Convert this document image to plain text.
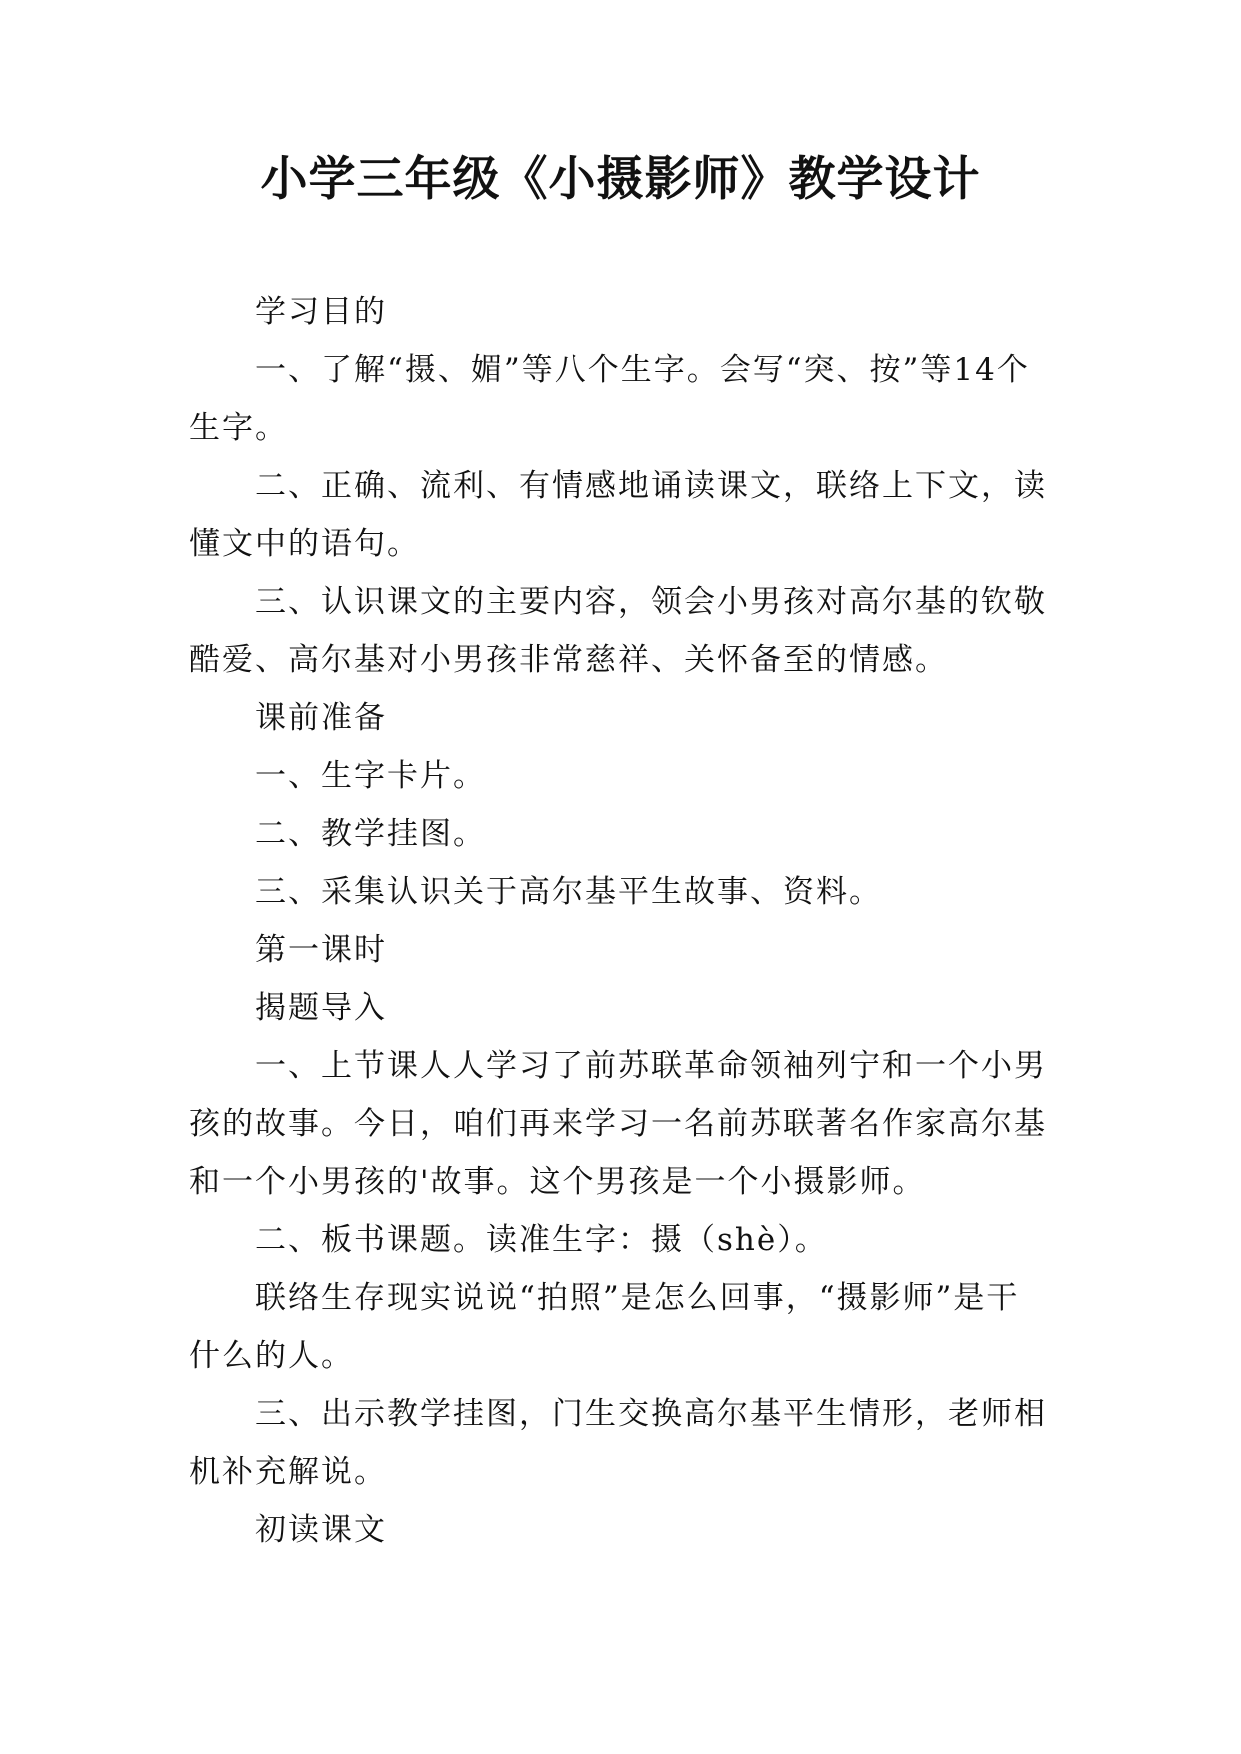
小学三年级《小摄影师》教学设计

学习目的

一、了解“摄、媚”等八个生字。会写“突、按”等14个生字。

二、正确、流利、有情感地诵读课文，联络上下文，读懂文中的语句。

三、认识课文的主要内容，领会小男孩对高尔基的钦敬酷爱、高尔基对小男孩非常慈祥、关怀备至的情感。

课前准备

一、生字卡片。

二、教学挂图。

三、采集认识关于高尔基平生故事、资料。

第一课时

揭题导入

一、上节课人人学习了前苏联革命领袖列宁和一个小男孩的故事。今日，咱们再来学习一名前苏联著名作家高尔基和一个小男孩的'故事。这个男孩是一个小摄影师。

二、板书课题。读准生字：摄（shè）。

联络生存现实说说“拍照”是怎么回事，“摄影师”是干什么的人。

三、出示教学挂图，门生交换高尔基平生情形，老师相机补充解说。

初读课文
